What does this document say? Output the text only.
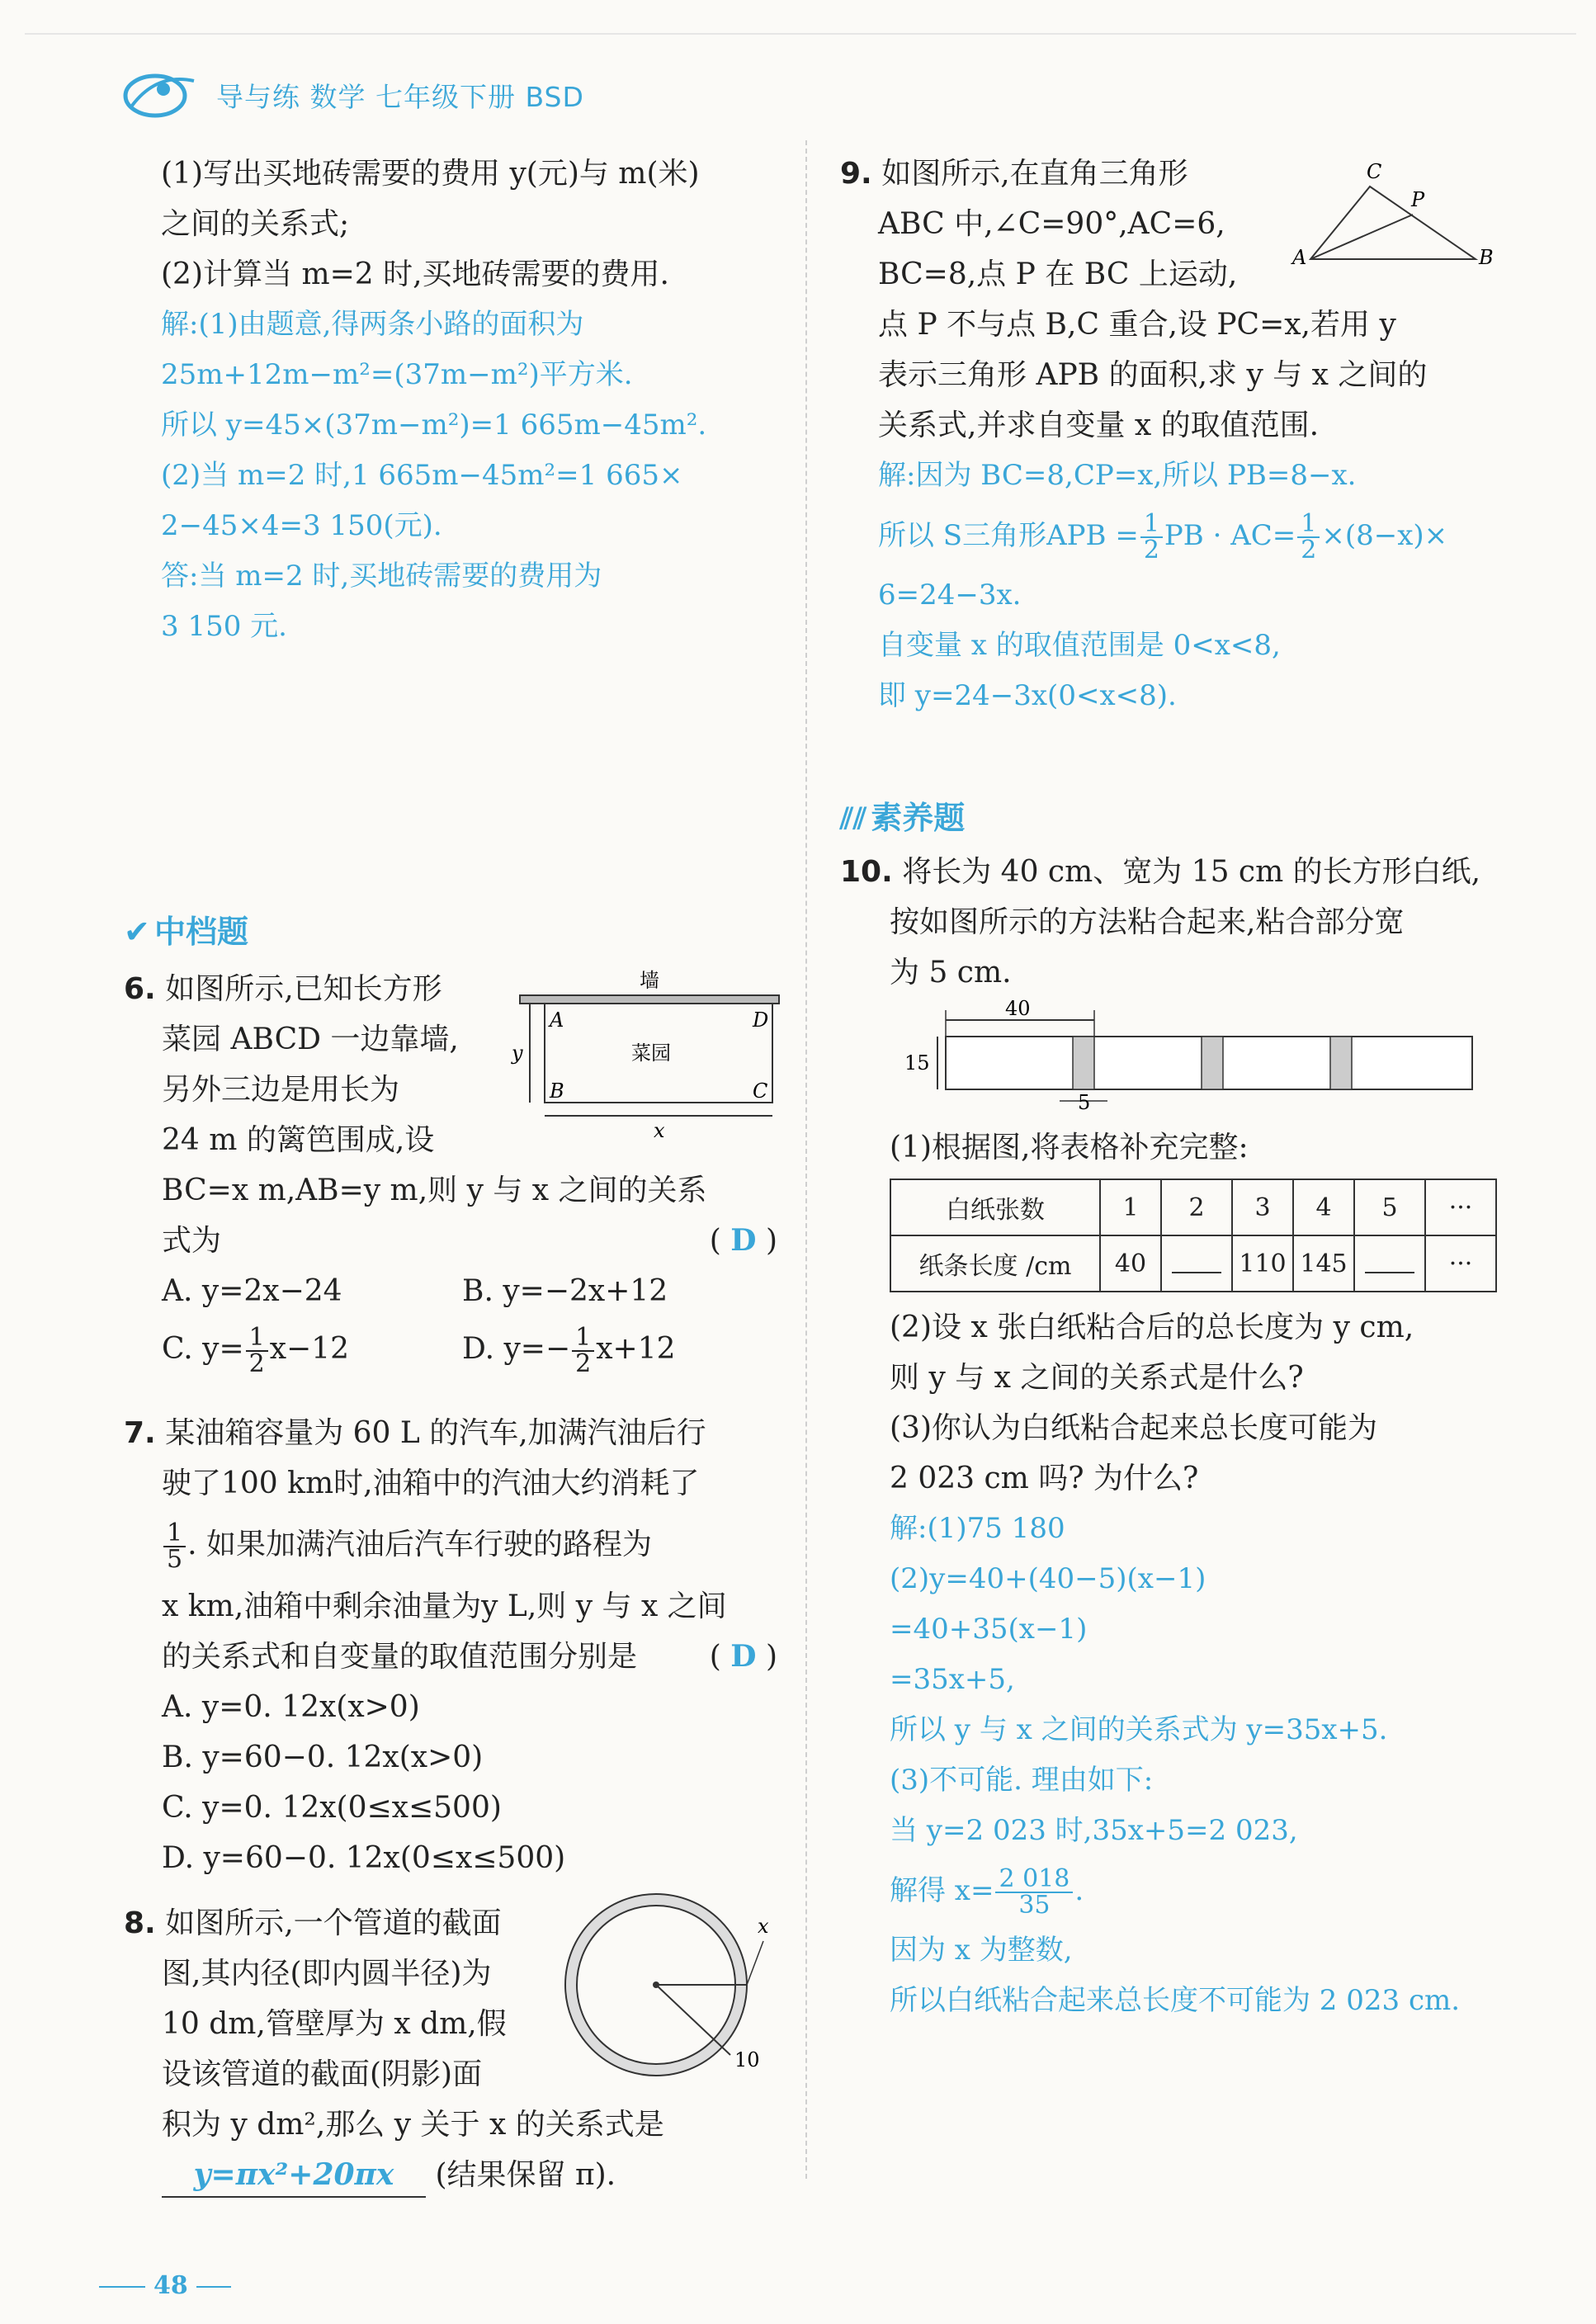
导与练 数学 七年级下册 BSD

(1)写出买地砖需要的费用 y(元)与 m(米)

之间的关系式;

(2)计算当 m=2 时,买地砖需要的费用.

解:(1)由题意,得两条小路的面积为

25m+12m−m²=(37m−m²)平方米.

所以 y=45×(37m−m²)=1 665m−45m².

(2)当 m=2 时,1 665m−45m²=1 665×

2−45×4=3 150(元).

答:当 m=2 时,买地砖需要的费用为

3 150 元.

✔ 中档题

6. 如图所示,已知长方形

菜园 ABCD 一边靠墙,

另外三边是用长为

24 m 的篱笆围成,设

BC=x m,AB=y m,则 y 与 x 之间的关系

式为	( D )

A. y=2x−24	B. y=−2x+12

C. $y= \frac{1}{2} x-12$	D. $y=- \frac{1}{2} x+12$

墙
A	D
B	C
菜园
y
x

7. 某油箱容量为 60 L 的汽车,加满汽油后行

驶了100 km时,油箱中的汽油大约消耗了

$\frac{1}{5}$ . 如果加满汽油后汽车行驶的路程为

x km,油箱中剩余油量为y L,则 y 与 x 之间

的关系式和自变量的取值范围分别是 ( D )

A. y=0. 12x(x>0)

B. y=60−0. 12x(x>0)

C. y=0. 12x(0≤x≤500)

D. y=60−0. 12x(0≤x≤500)

8. 如图所示,一个管道的截面

图,其内径(即内圆半径)为

10 dm,管壁厚为 x dm,假

设该管道的截面(阴影)面

积为 y dm²,那么 y 关于 x 的关系式是

y=πx²+20πx (结果保留 π).

x
10

9. 如图所示,在直角三角形

ABC 中,∠C=90°,AC=6,

BC=8,点 P 在 BC 上运动,

点 P 不与点 B,C 重合,设 PC=x,若用 y

表示三角形 APB 的面积,求 y 与 x 之间的

关系式,并求自变量 x 的取值范围.

解:因为 BC=8,CP=x,所以 PB=8−x.

所以 S三角形APB = $\frac{1}{2}$ PB · $AC= \frac{1}{2} \times(8-x)\times$

6=24−3x.

自变量 x 的取值范围是 0<x<8,

即 y=24−3x(0<x<8).

C
P
A	B
⫽⫽ 素养题

10. 将长为 40 cm、宽为 15 cm 的长方形白纸,

按如图所示的方法粘合起来,粘合部分宽

为 5 cm.

40
15
5

(1)根据图,将表格补充完整:

白纸张数	1	2	3	4	5	···
纸条长度 /cm	40		110	145		···

(2)设 x 张白纸粘合后的总长度为 y cm,

则 y 与 x 之间的关系式是什么?

(3)你认为白纸粘合起来总长度可能为

2 023 cm 吗? 为什么?

解:(1)75 180

(2)y=40+(40−5)(x−1)

=40+35(x−1)

=35x+5,

所以 y 与 x 之间的关系式为 y=35x+5.

(3)不可能. 理由如下:

当 y=2 023 时,35x+5=2 023,

解得 $x= \frac{2 018}{35}$ .

因为 x 为整数,

所以白纸粘合起来总长度不可能为 2 023 cm.

48
